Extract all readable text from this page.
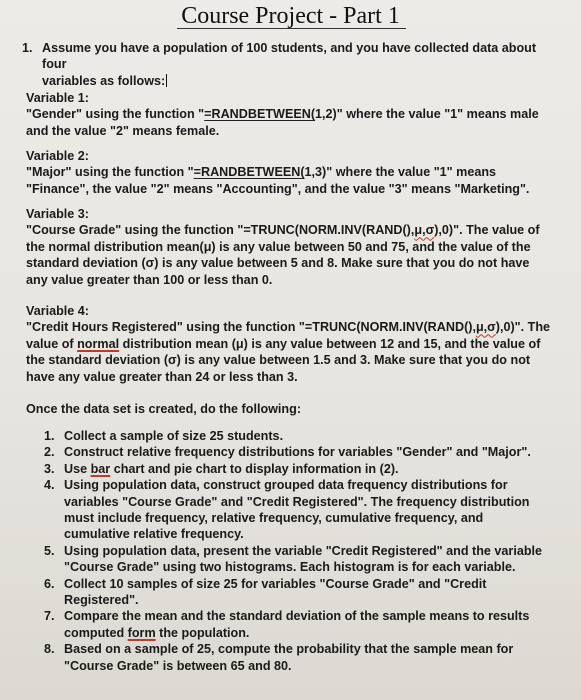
Course Project - Part 1
1. Assume you have a population of 100 students, and you have collected data about four
variables as follows:
Variable 1:
"Gender" using the function "=RANDBETWEEN(1,2)" where the value "1" means male and the value "2" means female.
Variable 2:
"Major" using the function "=RANDBETWEEN(1,3)" where the value "1" means "Finance", the value "2" means "Accounting", and the value "3" means "Marketing".
Variable 3:
"Course Grade" using the function "=TRUNC(NORM.INV(RAND(),μ,σ),0)". The value of the normal distribution mean(μ) is any value between 50 and 75, and the value of the standard deviation (σ) is any value between 5 and 8. Make sure that you do not have any value greater than 100 or less than 0.
Variable 4:
"Credit Hours Registered" using the function "=TRUNC(NORM.INV(RAND(),μ,σ),0)". The value of normal distribution mean (μ) is any value between 12 and 15, and the value of the standard deviation (σ) is any value between 1.5 and 3. Make sure that you do not have any value greater than 24 or less than 3.
Once the data set is created, do the following:
1. Collect a sample of size 25 students.
2. Construct relative frequency distributions for variables "Gender" and "Major".
3. Use bar chart and pie chart to display information in (2).
4. Using population data, construct grouped data frequency distributions for variables "Course Grade" and "Credit Registered". The frequency distribution must include frequency, relative frequency, cumulative frequency, and cumulative relative frequency.
5. Using population data, present the variable "Credit Registered" and the variable "Course Grade" using two histograms. Each histogram is for each variable.
6. Collect 10 samples of size 25 for variables "Course Grade" and "Credit Registered".
7. Compare the mean and the standard deviation of the sample means to results computed form the population.
8. Based on a sample of 25, compute the probability that the sample mean for "Course Grade" is between 65 and 80.
